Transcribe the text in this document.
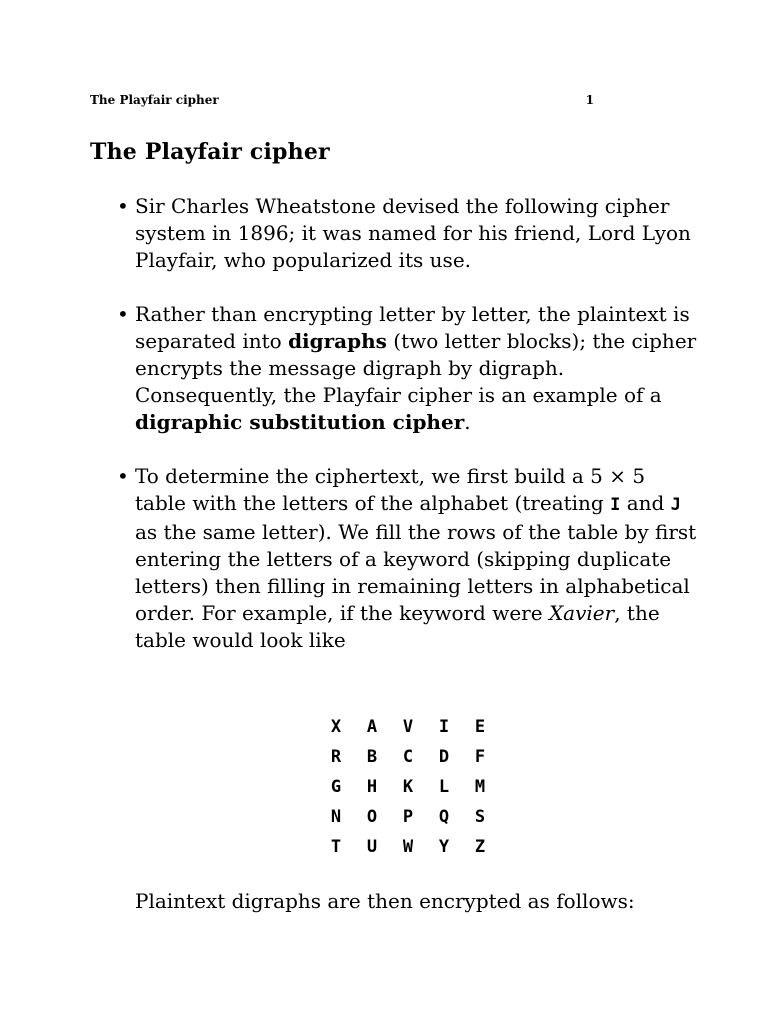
The Playfair cipher	1
The Playfair cipher
• Sir Charles Wheatstone devised the following cipher system in 1896; it was named for his friend, Lord Lyon Playfair, who popularized its use.
• Rather than encrypting letter by letter, the plaintext is separated into digraphs (two letter blocks); the cipher encrypts the message digraph by digraph. Consequently, the Playfair cipher is an example of a digraphic substitution cipher.
• To determine the ciphertext, we first build a 5 × 5 table with the letters of the alphabet (treating I and J as the same letter). We fill the rows of the table by first entering the letters of a keyword (skipping duplicate letters) then filling in remaining letters in alphabetical order. For example, if the keyword were Xavier, the table would look like
X	A	V	I	E
R	B	C	D	F
G	H	K	L	M
N	O	P	Q	S
T	U	W	Y	Z
Plaintext digraphs are then encrypted as follows:
